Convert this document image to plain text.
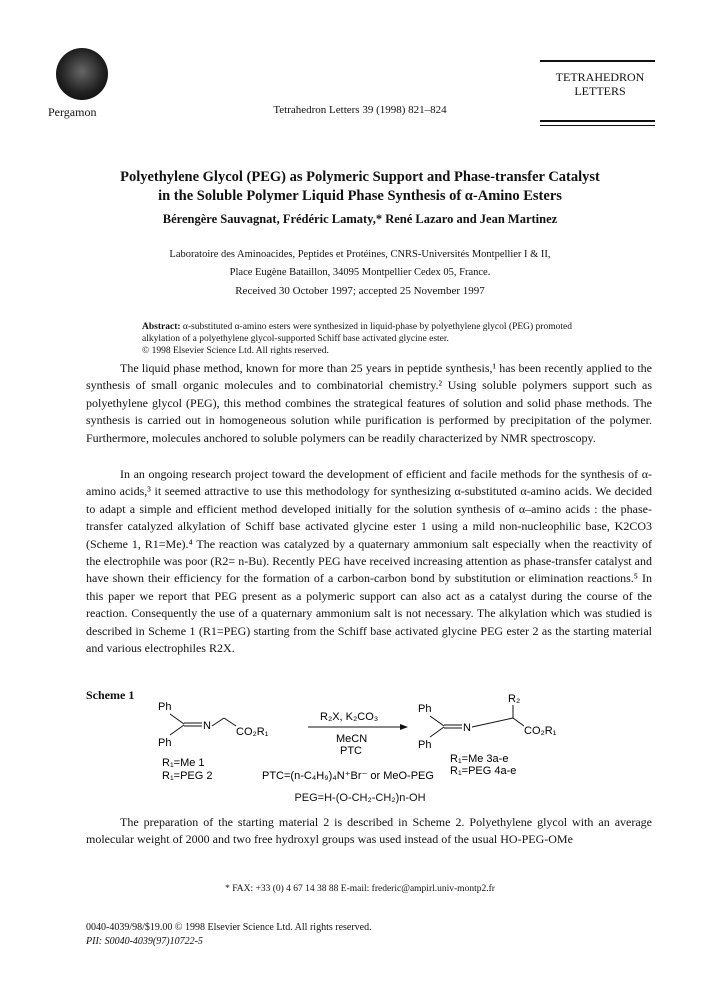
Pergamon	Tetrahedron Letters 39 (1998) 821–824
TETRAHEDRON
LETTERS
Polyethylene Glycol (PEG) as Polymeric Support and Phase-transfer Catalyst
in the Soluble Polymer Liquid Phase Synthesis of α-Amino Esters
Bérengère Sauvagnat, Frédéric Lamaty,* René Lazaro and Jean Martinez
Laboratoire des Aminoacides, Peptides et Protéines, CNRS-Universités Montpellier I & II,
Place Eugène Bataillon, 34095 Montpellier Cedex 05, France.
Received 30 October 1997; accepted 25 November 1997
Abstract: α-substituted α-amino esters were synthesized in liquid-phase by polyethylene glycol (PEG) promoted alkylation of a polyethylene glycol-supported Schiff base activated glycine ester.
© 1998 Elsevier Science Ltd. All rights reserved.
The liquid phase method, known for more than 25 years in peptide synthesis,¹ has been recently applied to the synthesis of small organic molecules and to combinatorial chemistry.² Using soluble polymers support such as polyethylene glycol (PEG), this method combines the strategical features of solution and solid phase methods. The synthesis is carried out in homogeneous solution while purification is performed by precipitation of the polymer. Furthermore, molecules anchored to soluble polymers can be readily characterized by NMR spectroscopy.
In an ongoing research project toward the development of efficient and facile methods for the synthesis of α-amino acids,³ it seemed attractive to use this methodology for synthesizing α-substituted α-amino acids. We decided to adapt a simple and efficient method developed initially for the solution synthesis of α–amino acids : the phase-transfer catalyzed alkylation of Schiff base activated glycine ester 1 using a mild non-nucleophilic base, K2CO3 (Scheme 1, R1=Me).⁴ The reaction was catalyzed by a quaternary ammonium salt especially when the reactivity of the electrophile was poor (R2= n-Bu). Recently PEG have received increasing attention as phase-transfer catalyst and have shown their efficiency for the formation of a carbon-carbon bond by substitution or elimination reactions.⁵ In this paper we report that PEG present as a polymeric support can also act as a catalyst during the course of the reaction. Consequently the use of a quaternary ammonium salt is not necessary. The alkylation which was studied is described in Scheme 1 (R1=PEG) starting from the Schiff base activated glycine PEG ester 2 as the starting material and various electrophiles R2X.
Scheme 1
Ph
N CO₂R₁
Ph
R₁=Me 1
R₁=PEG 2
R₂X, K₂CO₃
MeCN
PTC
PTC=(n-C₄H₉)₄N⁺Br⁻ or MeO-PEG
R₂
Ph
N	CO₂R₁
Ph
R₁=Me 3a-e
R₁=PEG 4a-e
PEG=H-(O-CH₂-CH₂)n-OH
The preparation of the starting material 2 is described in Scheme 2. Polyethylene glycol with an average molecular weight of 2000 and two free hydroxyl groups was used instead of the usual HO-PEG-OMe
* FAX: +33 (0) 4 67 14 38 88 E-mail: frederic@ampirl.univ-montp2.fr
0040-4039/98/$19.00 © 1998 Elsevier Science Ltd. All rights reserved.
PII: S0040-4039(97)10722-5
